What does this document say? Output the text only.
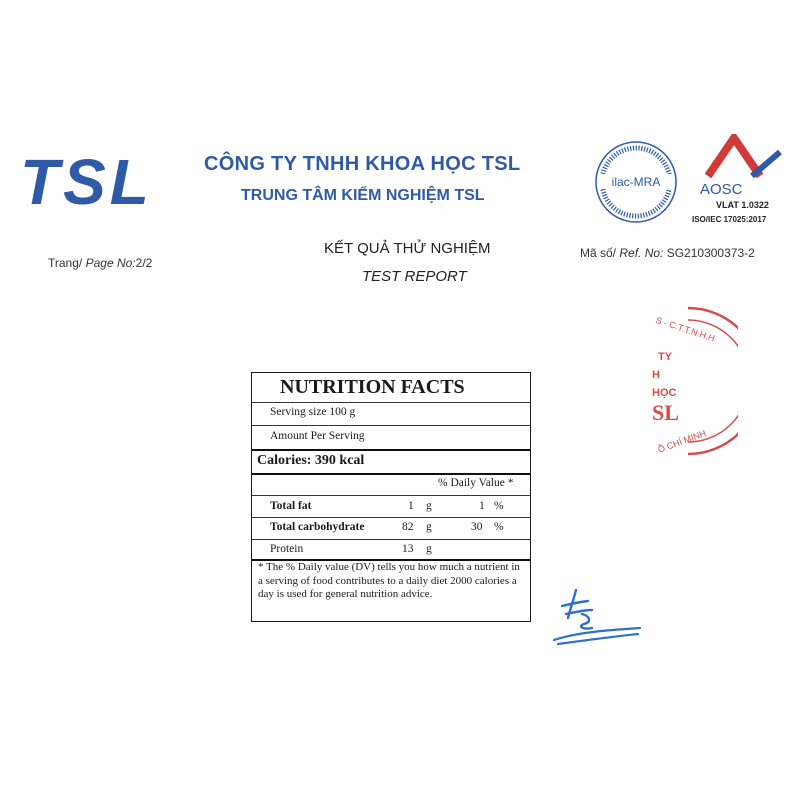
TSL	CÔNG TY TNHH KHOA HỌC TSL
TRUNG TÂM KIỂM NGHIỆM TSL
ilac-MRA	AOSC
VLAT 1.0322
ISO/IEC 17025:2017
Trang/ Page No:2/2
KẾT QUẢ THỬ NGHIỆM
TEST REPORT
Mã số/ Ref. No: SG210300373-2
S - C.T.T.N.H.H
TY
H
HỌC
SL
Ồ CHÍ MINH
NUTRITION FACTS
Serving size 100 g
Amount Per Serving
Calories: 390 kcal
% Daily Value *
Total fat	1 g	1 %
Total carbohydrate	82 g	30 %
Protein	13 g
* The % Daily value (DV) tells you how much a nutrient in a serving of food contributes to a daily diet 2000 calories a day is used for general nutrition advice.
